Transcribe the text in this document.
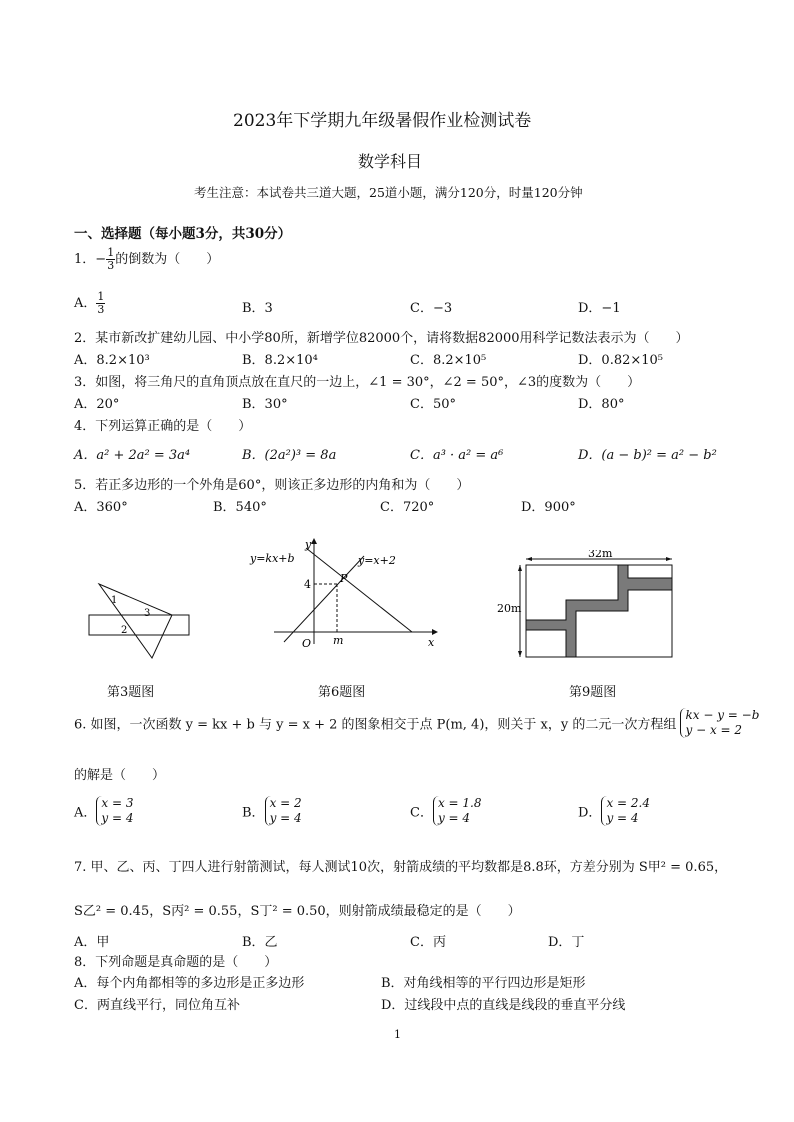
2023年下学期九年级暑假作业检测试卷
数学科目
考生注意：本试卷共三道大题，25道小题，满分120分，时量120分钟
一、选择题（每小题3分，共30分）
1．− $\frac{1}{3}$ 的倒数为（　　）
A． $\frac{1}{3}$	B．3	C．−3	D．−1
2．某市新改扩建幼儿园、中小学80所，新增学位82000个，请将数据82000用科学记数法表示为（　　）
A．8.2×10³	B．8.2×10⁴	C．8.2×10⁵	D．0.82×10⁵
3．如图，将三角尺的直角顶点放在直尺的一边上，∠1 = 30°，∠2 = 50°，∠3的度数为（　　）
A．20°	B．30°	C．50°	D．80°
4．下列运算正确的是（　　）
A．a² + 2a² = 3a⁴	B．(2a²)³ = 8a	C．a³ · a² = a⁶	D．(a − b)² = a² − b²
5．若正多边形的一个外角是60°，则该正多边形的内角和为（　　）
A．360°	B．540°	C．720°	D．900°
1
3
2
第3题图
y=kx+b	y=x+2
y
x
O
P
4
m
第6题图
32m
20m
第9题图
6. 如图，一次函数 y = kx + b 与 y = x + 2 的图象相交于点 P(m, 4)，则关于 x，y 的二元一次方程组
kx − y = −b
y − x = 2
的解是（　　）
A．
x = 3
y = 4	B．
x = 2
y = 4	C．
x = 1.8
y = 4	D．
x = 2.4
y = 4
7. 甲、乙、丙、丁四人进行射箭测试，每人测试10次，射箭成绩的平均数都是8.8环，方差分别为 S甲² = 0.65，
S乙² = 0.45，S丙² = 0.55，S丁² = 0.50，则射箭成绩最稳定的是（　　）
A．甲	B．乙	C．丙	D．丁
8．下列命题是真命题的是（　　）
A．每个内角都相等的多边形是正多边形	B．对角线相等的平行四边形是矩形
C．两直线平行，同位角互补	D．过线段中点的直线是线段的垂直平分线
1
